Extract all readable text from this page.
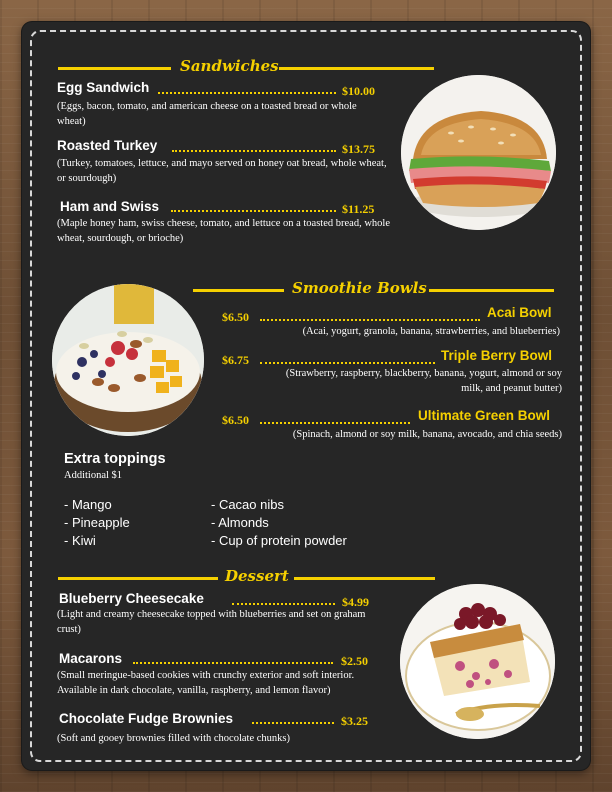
Sandwiches
Egg Sandwich	$10.00
(Eggs, bacon, tomato, and american cheese on a toasted bread or whole wheat)
Roasted Turkey	$13.75
(Turkey, tomatoes, lettuce, and mayo served on honey oat bread, whole wheat, or sourdough)
Ham and Swiss	$11.25
(Maple honey ham, swiss cheese, tomato, and lettuce on a toasted bread, whole wheat, sourdough, or brioche)
Smoothie Bowls
$6.50	Acai Bowl
(Acai, yogurt, granola, banana, strawberries, and blueberries)
$6.75	Triple Berry Bowl
(Strawberry, raspberry, blackberry, banana, yogurt, almond or soy milk, and peanut butter)
$6.50	Ultimate Green Bowl
(Spinach, almond or soy milk, banana, avocado, and chia seeds)
Extra toppings
Additional $1
- Mango
- Pineapple
- Kiwi
- Cacao nibs
- Almonds
- Cup of protein powder
Dessert
Blueberry Cheesecake	$4.99
(Light and creamy cheesecake topped with blueberries and set on graham crust)
Macarons	$2.50
(Small meringue-based cookies with crunchy exterior and soft interior. Available in dark chocolate, vanilla, raspberry, and lemon flavor)
Chocolate Fudge Brownies	$3.25
(Soft and gooey brownies filled with chocolate chunks)
